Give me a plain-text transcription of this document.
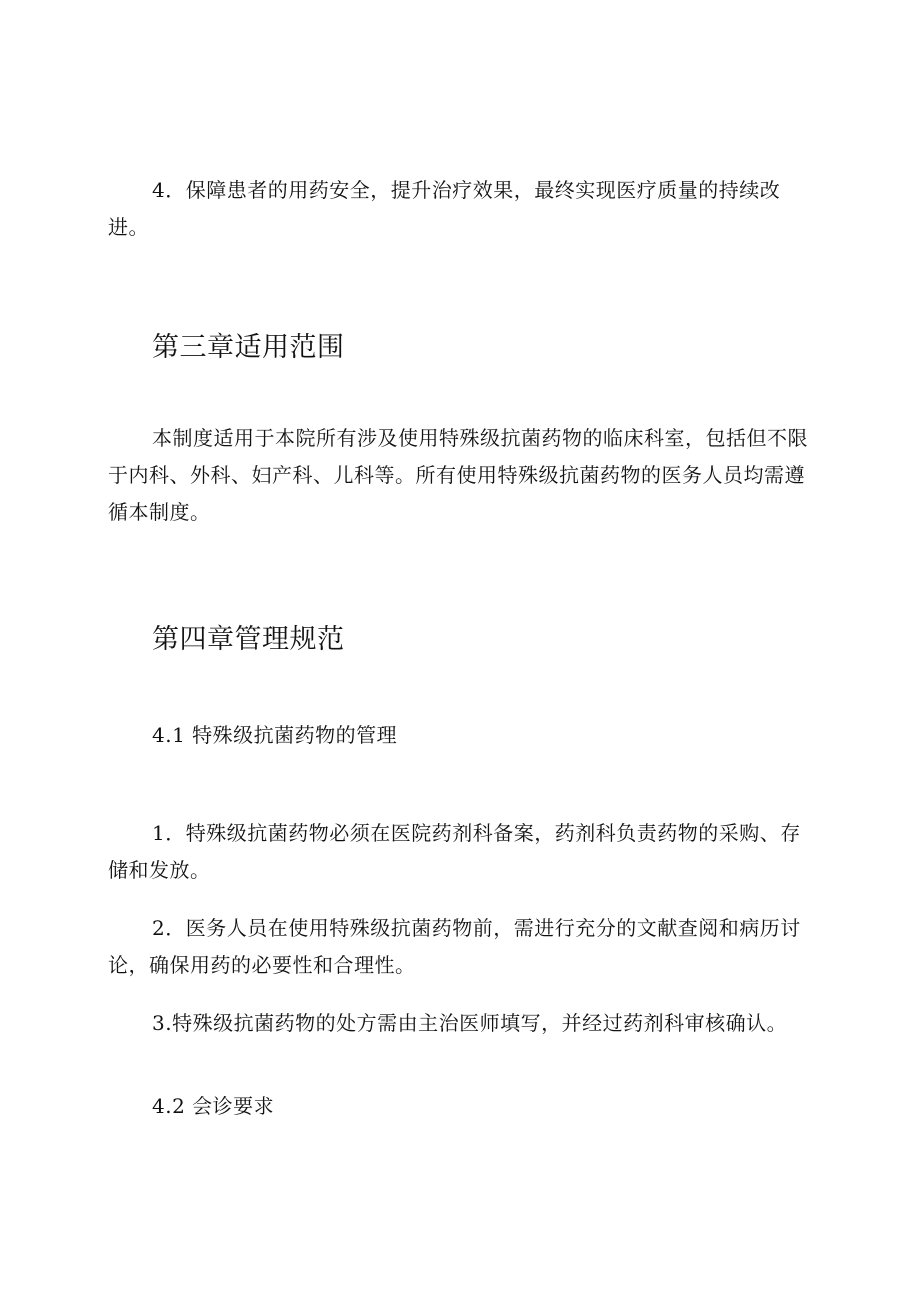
4．保障患者的用药安全，提升治疗效果，最终实现医疗质量的持续改进。

第三章适用范围

本制度适用于本院所有涉及使用特殊级抗菌药物的临床科室，包括但不限于内科、外科、妇产科、儿科等。所有使用特殊级抗菌药物的医务人员均需遵循本制度。

第四章管理规范
4.1 特殊级抗菌药物的管理

1．特殊级抗菌药物必须在医院药剂科备案，药剂科负责药物的采购、存储和发放。

2．医务人员在使用特殊级抗菌药物前，需进行充分的文献查阅和病历讨论，确保用药的必要性和合理性。

3.特殊级抗菌药物的处方需由主治医师填写，并经过药剂科审核确认。

4.2 会诊要求
